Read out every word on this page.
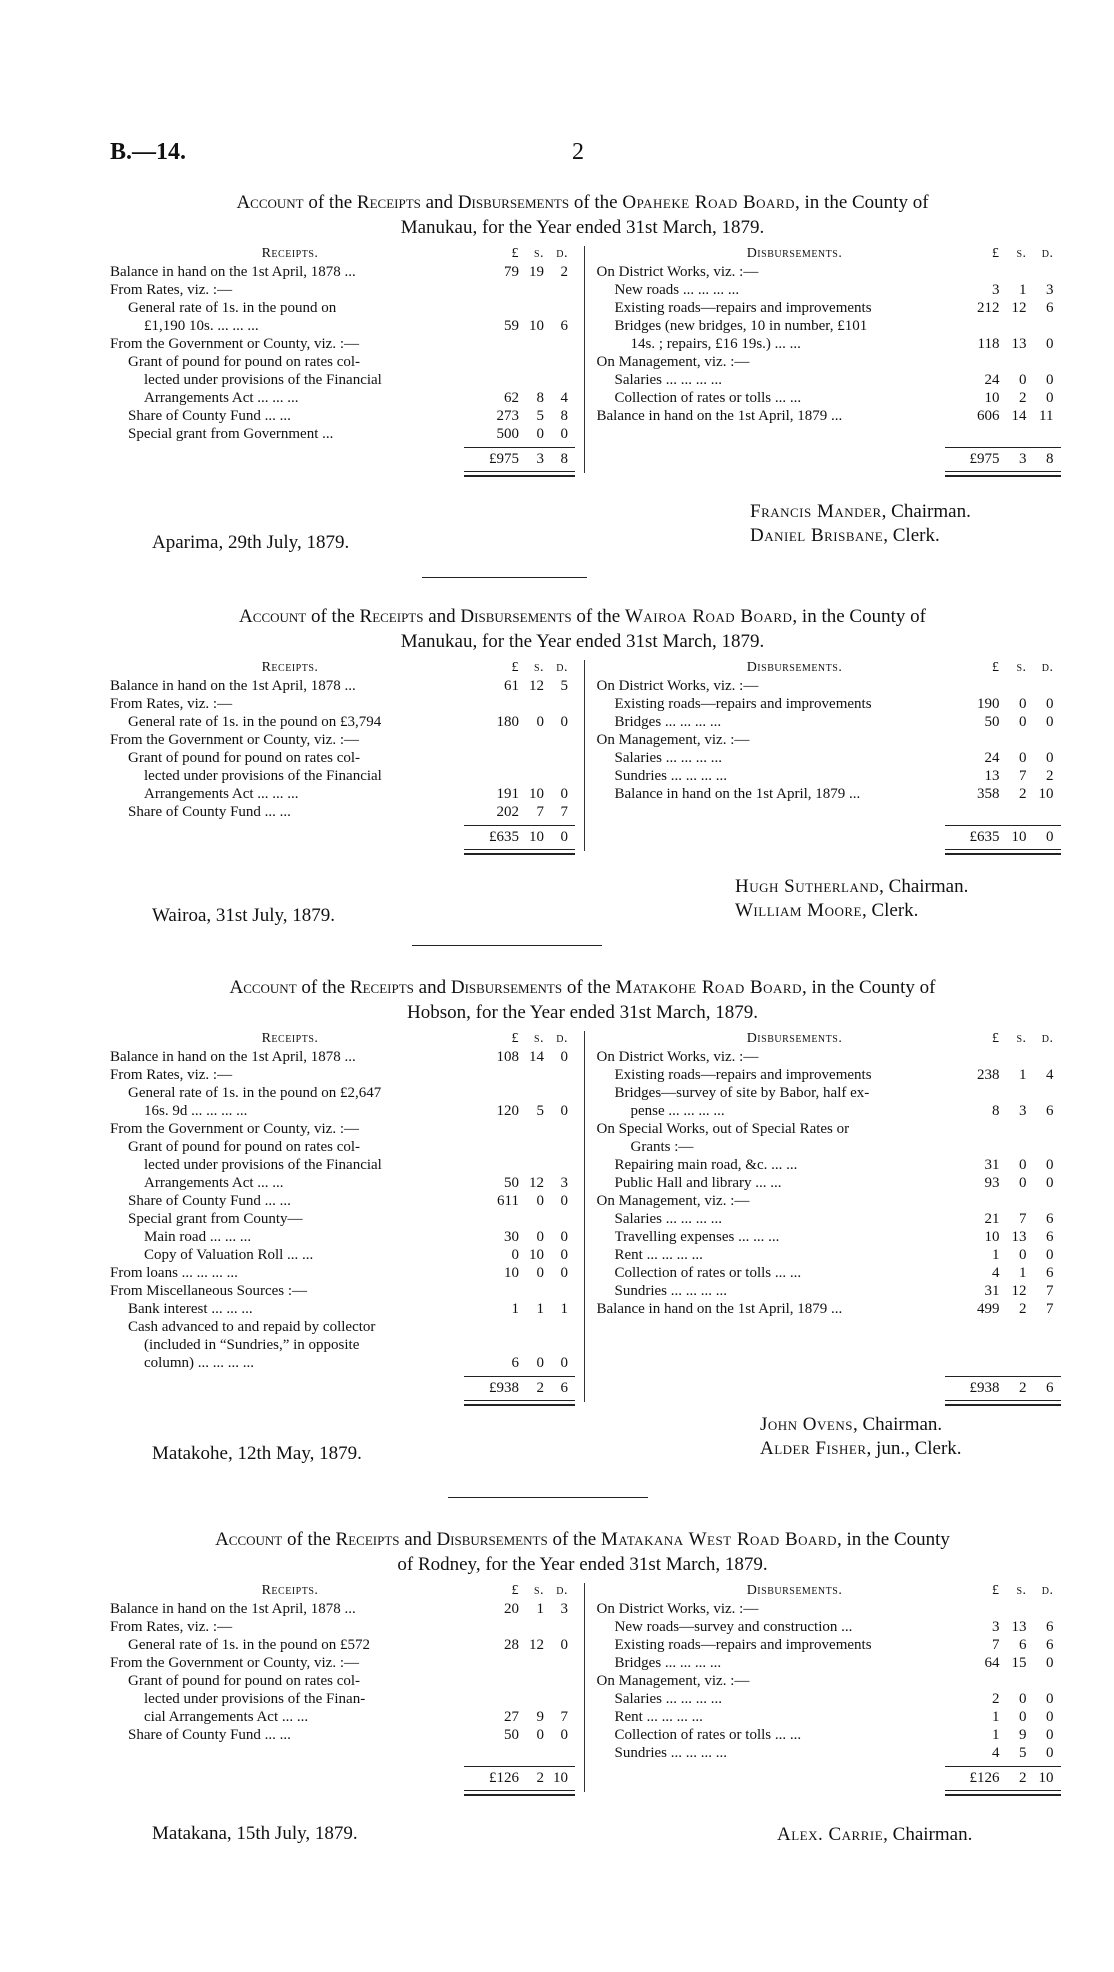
B.—14.	2
Account of the Receipts and Disbursements of the Opaheke Road Board, in the County of
Manukau, for the Year ended 31st March, 1879.
Receipts.	£	s. d.
Balance in hand on the 1st April, 1878 ...	79 19	2
From Rates, viz. :—
General rate of 1s. in the pound on
£1,190 10s. ... ... ...	59 10	6
From the Government or County, viz. :—
Grant of pound for pound on rates col-
lected under provisions of the Financial
Arrangements Act ... ... ...	62	8	4
Share of County Fund ... ...	273	5	8
Special grant from Government ...	500	0	0
£975	3	8
Disbursements.	£	s.	d.
On District Works, viz. :—
New roads ... ... ... ...	3	1	3
Existing roads—repairs and improvements	212 12	6
Bridges (new bridges, 10 in number, £101
14s. ; repairs, £16 19s.) ... ...	118 13	0
On Management, viz. :—
Salaries ... ... ... ...	24	0	0
Collection of rates or tolls ... ...	10	2	0
Balance in hand on the 1st April, 1879 ...	606 14 11
£975	3	8
Aparima, 29th July, 1879.
Francis Mander, Chairman.
Daniel Brisbane, Clerk.
Account of the Receipts and Disbursements of the Wairoa Road Board, in the County of
Manukau, for the Year ended 31st March, 1879.
Receipts.	£	s. d.
Balance in hand on the 1st April, 1878 ...	61 12	5
From Rates, viz. :—
General rate of 1s. in the pound on £3,794	180	0	0
From the Government or County, viz. :—
Grant of pound for pound on rates col-
lected under provisions of the Financial
Arrangements Act ... ... ...	191 10	0
Share of County Fund ... ...	202	7	7
£635 10	0
Disbursements.	£	s.	d.
On District Works, viz. :—
Existing roads—repairs and improvements	190	0	0
Bridges ... ... ... ...	50	0	0
On Management, viz. :—
Salaries ... ... ... ...	24	0	0
Sundries ... ... ... ...	13	7	2
Balance in hand on the 1st April, 1879 ...	358	2 10
£635 10	0
Wairoa, 31st July, 1879.
Hugh Sutherland, Chairman.
William Moore, Clerk.
Account of the Receipts and Disbursements of the Matakohe Road Board, in the County of
Hobson, for the Year ended 31st March, 1879.
Receipts.	£	s. d.
Balance in hand on the 1st April, 1878 ...	108 14	0
From Rates, viz. :—
General rate of 1s. in the pound on £2,647
16s. 9d ... ... ... ...	120	5	0
From the Government or County, viz. :—
Grant of pound for pound on rates col-
lected under provisions of the Financial
Arrangements Act ... ...	50 12	3
Share of County Fund ... ...	611	0	0
Special grant from County—
Main road ... ... ...	30	0	0
Copy of Valuation Roll ... ...	0 10	0
From loans ... ... ... ...	10	0	0
From Miscellaneous Sources :—
Bank interest ... ... ...	1	1	1
Cash advanced to and repaid by collector
(included in “Sundries,” in opposite
column) ... ... ... ...	6	0	0
£938	2	6
Disbursements.	£	s.	d.
On District Works, viz. :—
Existing roads—repairs and improvements	238	1	4
Bridges—survey of site by Babor, half ex-
pense ... ... ... ...	8	3	6
On Special Works, out of Special Rates or
Grants :—
Repairing main road, &c. ... ...	31	0	0
Public Hall and library ... ...	93	0	0
On Management, viz. :—
Salaries ... ... ... ...	21	7	6
Travelling expenses ... ... ...	10 13	6
Rent ... ... ... ...	1	0	0
Collection of rates or tolls ... ...	4	1	6
Sundries ... ... ... ...	31 12	7
Balance in hand on the 1st April, 1879 ...	499	2	7
£938	2	6
Matakohe, 12th May, 1879.
John Ovens, Chairman.
Alder Fisher, jun., Clerk.
Account of the Receipts and Disbursements of the Matakana West Road Board, in the County
of Rodney, for the Year ended 31st March, 1879.
Receipts.	£	s. d.
Balance in hand on the 1st April, 1878 ...	20	1	3
From Rates, viz. :—
General rate of 1s. in the pound on £572	28 12	0
From the Government or County, viz. :—
Grant of pound for pound on rates col-
lected under provisions of the Finan-
cial Arrangements Act ... ...	27	9	7
Share of County Fund ... ...	50	0	0
£126	2 10
Disbursements.	£	s.	d.
On District Works, viz. :—
New roads—survey and construction ...	3 13	6
Existing roads—repairs and improvements	7	6	6
Bridges ... ... ... ...	64 15	0
On Management, viz. :—
Salaries ... ... ... ...	2	0	0
Rent ... ... ... ...	1	0	0
Collection of rates or tolls ... ...	1	9	0
Sundries ... ... ... ...	4	5	0
£126	2 10
Matakana, 15th July, 1879.	Alex. Carrie, Chairman.
